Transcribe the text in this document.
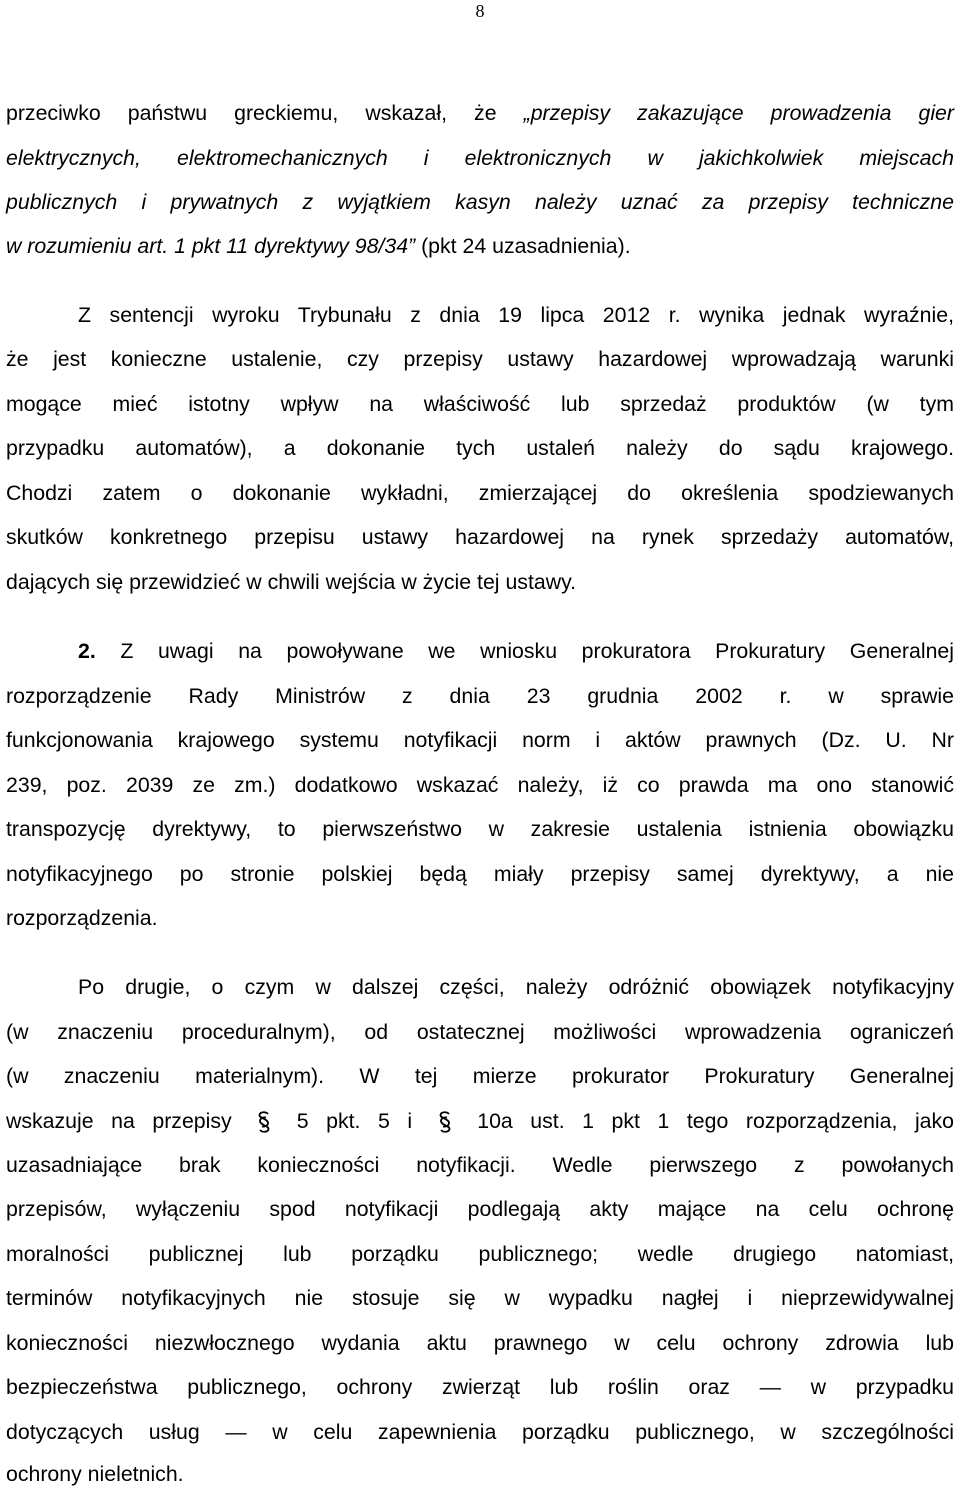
8
przeciwko państwu greckiemu, wskazał, że „przepisy zakazujące prowadzenia gier
elektrycznych, elektromechanicznych i elektronicznych w jakichkolwiek miejscach
publicznych i prywatnych z wyjątkiem kasyn należy uznać za przepisy techniczne
w rozumieniu art. 1 pkt 11 dyrektywy 98/34” (pkt 24 uzasadnienia).
Z sentencji wyroku Trybunału z dnia 19 lipca 2012 r. wynika jednak wyraźnie,
że jest konieczne ustalenie, czy przepisy ustawy hazardowej wprowadzają warunki
mogące mieć istotny wpływ na właściwość lub sprzedaż produktów (w tym
przypadku automatów), a dokonanie tych ustaleń należy do sądu krajowego.
Chodzi zatem o dokonanie wykładni, zmierzającej do określenia spodziewanych
skutków konkretnego przepisu ustawy hazardowej na rynek sprzedaży automatów,
dających się przewidzieć w chwili wejścia w życie tej ustawy.
2. Z uwagi na powoływane we wniosku prokuratora Prokuratury Generalnej
rozporządzenie Rady Ministrów z dnia 23 grudnia 2002 r. w sprawie
funkcjonowania krajowego systemu notyfikacji norm i aktów prawnych (Dz. U. Nr
239, poz. 2039 ze zm.) dodatkowo wskazać należy, iż co prawda ma ono stanowić
transpozycję dyrektywy, to pierwszeństwo w zakresie ustalenia istnienia obowiązku
notyfikacyjnego po stronie polskiej będą miały przepisy samej dyrektywy, a nie
rozporządzenia.
Po drugie, o czym w dalszej części, należy odróżnić obowiązek notyfikacyjny
(w znaczeniu proceduralnym), od ostatecznej możliwości wprowadzenia ograniczeń
(w znaczeniu materialnym). W tej mierze prokurator Prokuratury Generalnej
wskazuje na przepisy	5 pkt. 5 i	10a ust. 1 pkt 1 tego rozporządzenia, jako
uzasadniające brak konieczności notyfikacji. Wedle pierwszego z powołanych
przepisów, wyłączeniu spod notyfikacji podlegają akty mające na celu ochronę
moralności publicznej lub porządku publicznego; wedle drugiego natomiast,
terminów notyfikacyjnych nie stosuje się w wypadku nagłej i nieprzewidywalnej
konieczności niezwłocznego wydania aktu prawnego w celu ochrony zdrowia lub
bezpieczeństwa publicznego, ochrony zwierząt lub roślin oraz — w przypadku
dotyczących usług — w celu zapewnienia porządku publicznego, w szczególności
ochrony nieletnich.
